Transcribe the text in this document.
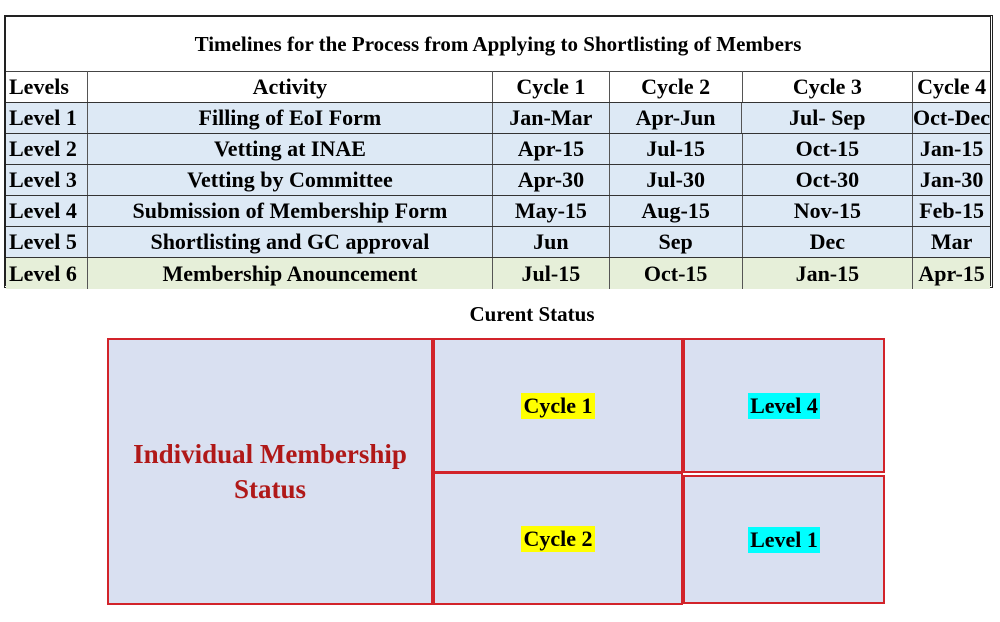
Timelines for the Process from Applying to Shortlisting of Members
Levels	Activity	Cycle 1	Cycle 2	Cycle 3	Cycle 4
Level 1	Filling of EoI Form	Jan-Mar	Apr-Jun	Jul- Sep	Oct-Dec
Level 2	Vetting at INAE	Apr-15	Jul-15	Oct-15	Jan-15
Level 3	Vetting by Committee	Apr-30	Jul-30	Oct-30	Jan-30
Level 4	Submission of Membership Form	May-15	Aug-15	Nov-15	Feb-15
Level 5	Shortlisting and GC approval	Jun	Sep	Dec	Mar
Level 6	Membership Anouncement	Jul-15	Oct-15	Jan-15	Apr-15
Curent Status
Individual Membership
Status
Cycle 1
Cycle 2
Level 4
Level 1
